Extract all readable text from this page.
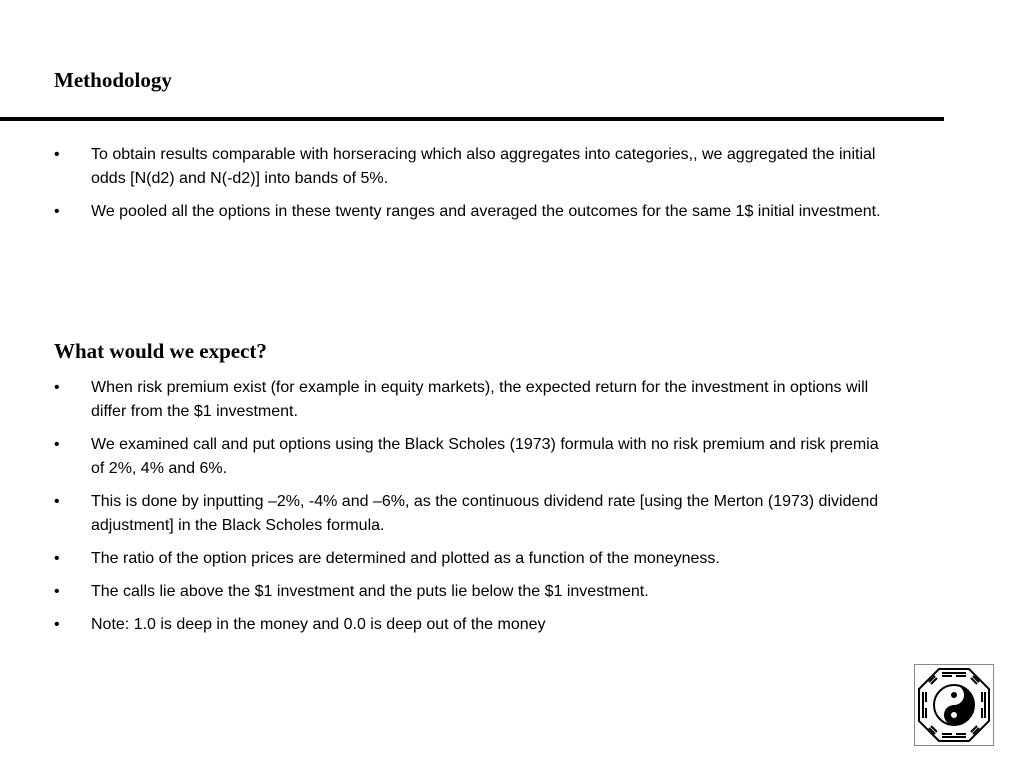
Methodology
•	To obtain results comparable with horseracing which also aggregates into categories,, we aggregated the initial odds [N(d2) and N(-d2)] into bands of 5%.
•	We pooled all the options in these twenty ranges and averaged the outcomes for the same 1$ initial investment.
What would we expect?
•	When risk premium exist (for example in equity markets), the expected return for the investment in options will differ from the $1 investment.
•	We examined call and put options using the Black Scholes (1973) formula with no risk premium and risk premia of 2%, 4% and 6%.
•	This is done by inputting –2%, -4% and –6%, as the continuous dividend rate [using the Merton (1973) dividend adjustment] in the Black Scholes formula.
•	The ratio of the option prices are determined and plotted as a function of the moneyness.
•	The calls lie above the $1 investment and the puts lie below the $1 investment.
•	Note: 1.0 is deep in the money and 0.0 is deep out of the money
